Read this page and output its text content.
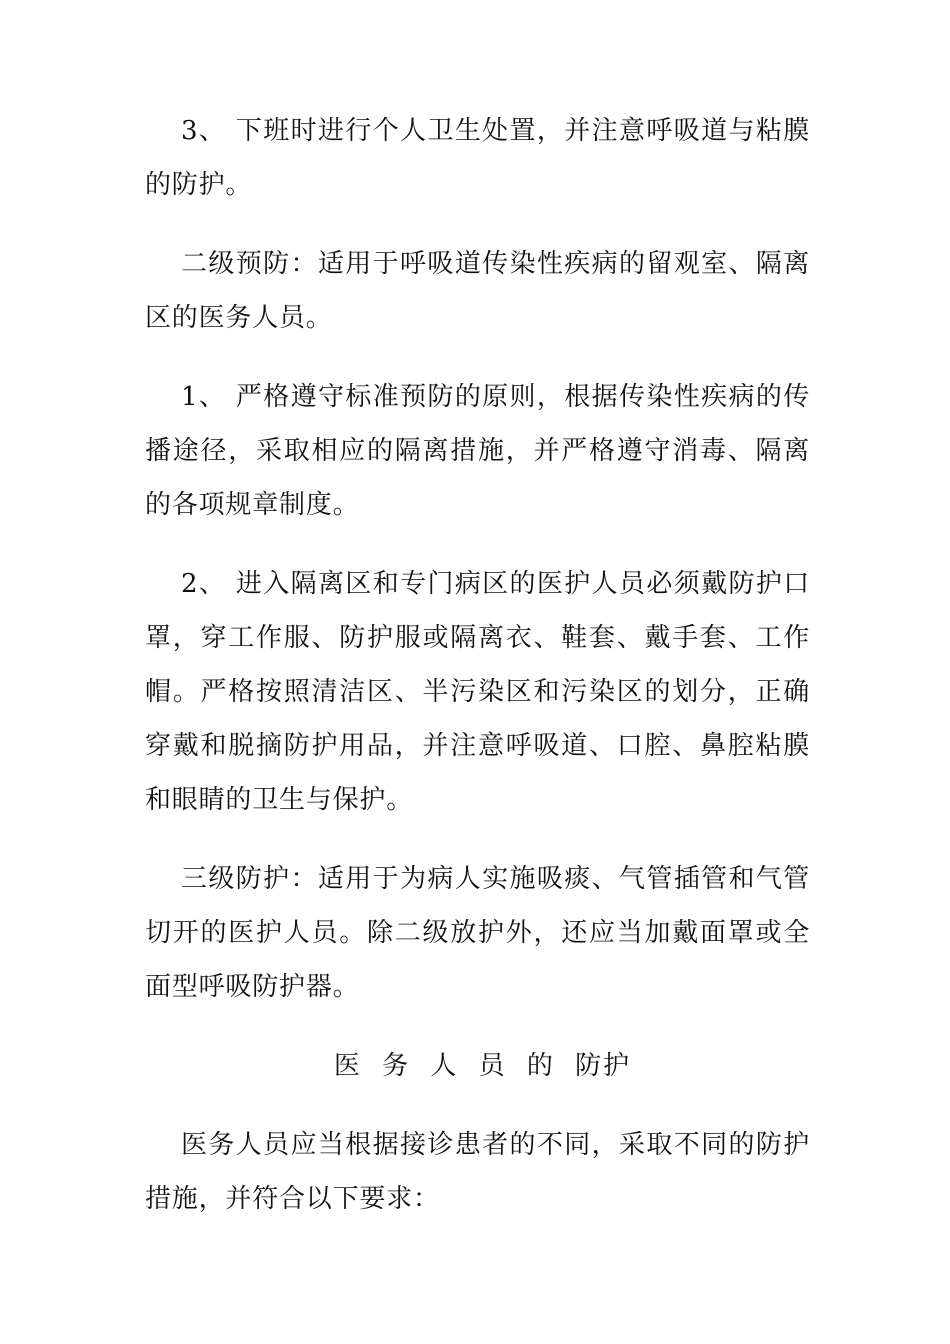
3、 下班时进行个人卫生处置，并注意呼吸道与粘膜的防护。

二级预防：适用于呼吸道传染性疾病的留观室、隔离区的医务人员。

1、 严格遵守标准预防的原则，根据传染性疾病的传播途径，采取相应的隔离措施，并严格遵守消毒、隔离的各项规章制度。

2、 进入隔离区和专门病区的医护人员必须戴防护口罩，穿工作服、防护服或隔离衣、鞋套、戴手套、工作帽。严格按照清洁区、半污染区和污染区的划分，正确穿戴和脱摘防护用品，并注意呼吸道、口腔、鼻腔粘膜和眼睛的卫生与保护。

三级防护：适用于为病人实施吸痰、气管插管和气管切开的医护人员。除二级放护外，还应当加戴面罩或全面型呼吸防护器。

医 务 人 员 的 防护

医务人员应当根据接诊患者的不同，采取不同的防护措施，并符合以下要求：
